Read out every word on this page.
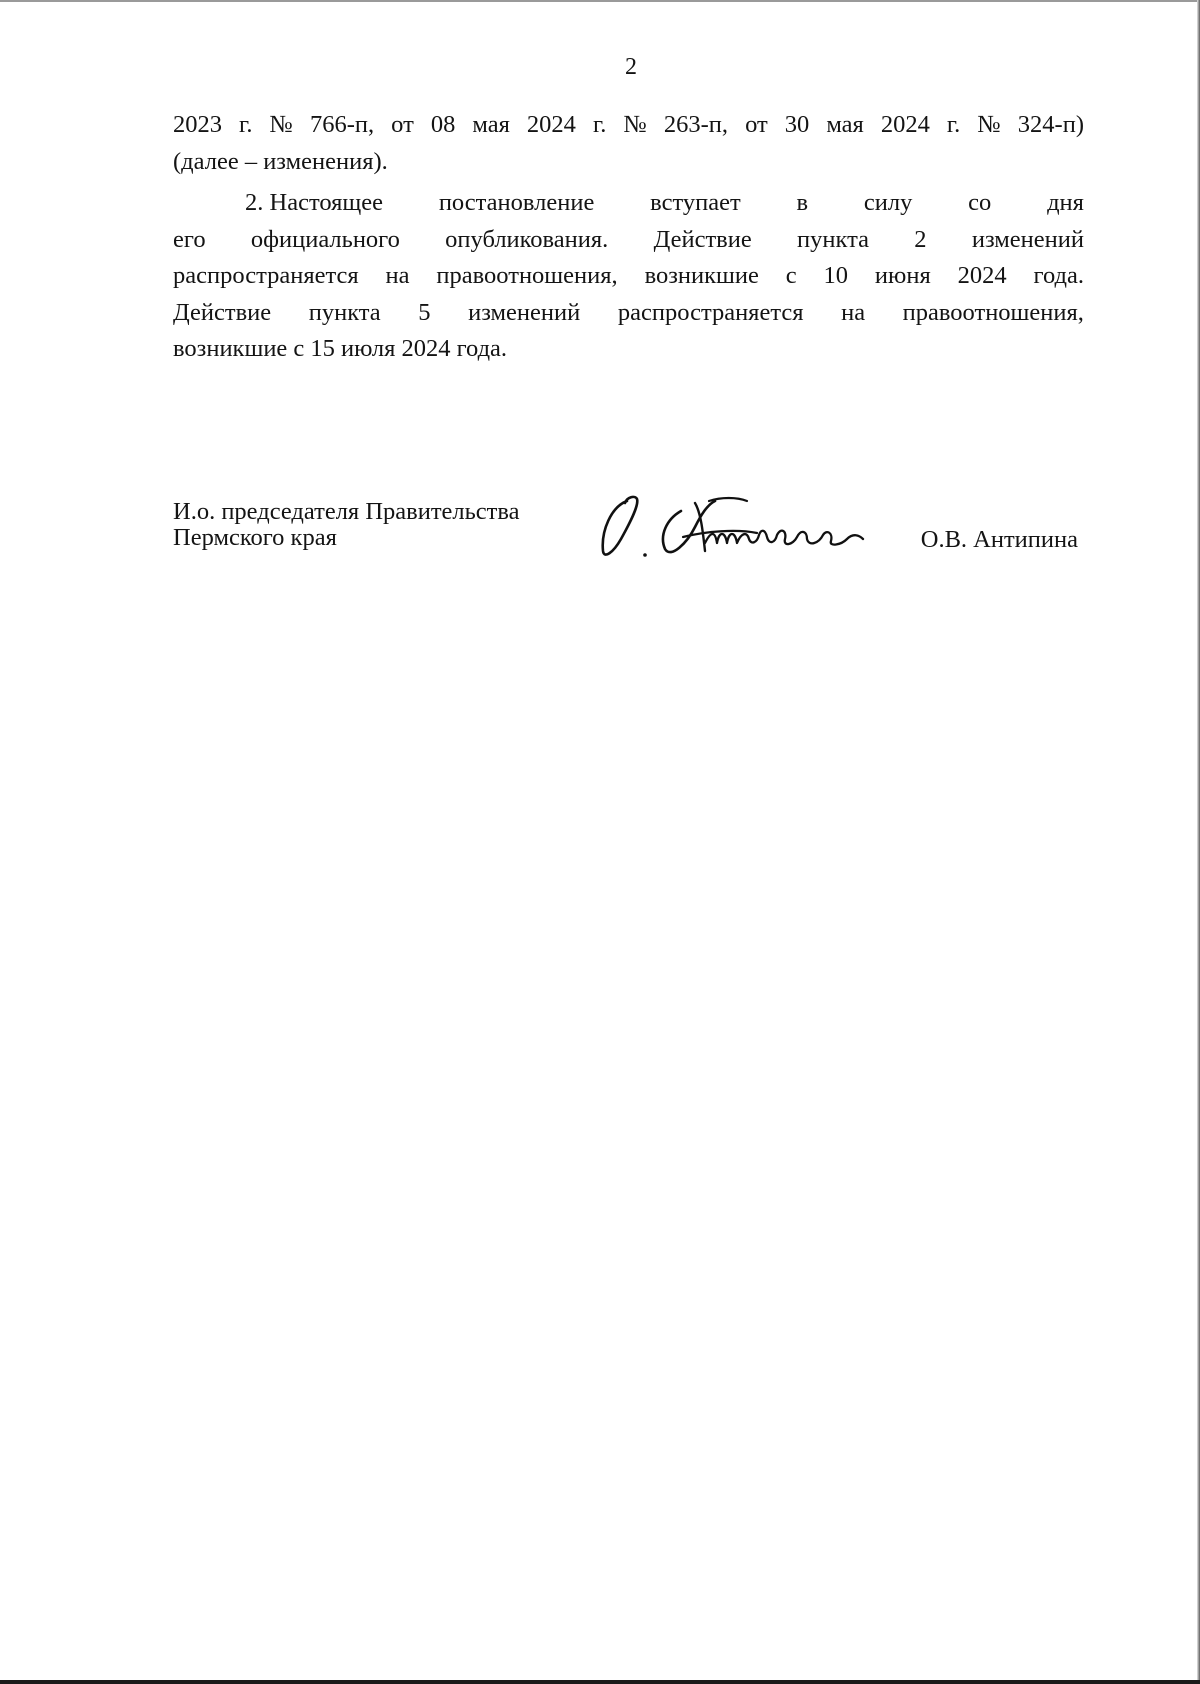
2
2023 г. № 766-п, от 08 мая 2024 г. № 263-п, от 30 мая 2024 г. № 324-п)
(далее – изменения).
2. Настоящее постановление вступает в силу со дня
его официального опубликования. Действие пункта 2 изменений
распространяется на правоотношения, возникшие с 10 июня 2024 года.
Действие пункта 5 изменений распространяется на правоотношения,
возникшие с 15 июля 2024 года.
И.о. председателя Правительства
Пермского края	О.В. Антипина
